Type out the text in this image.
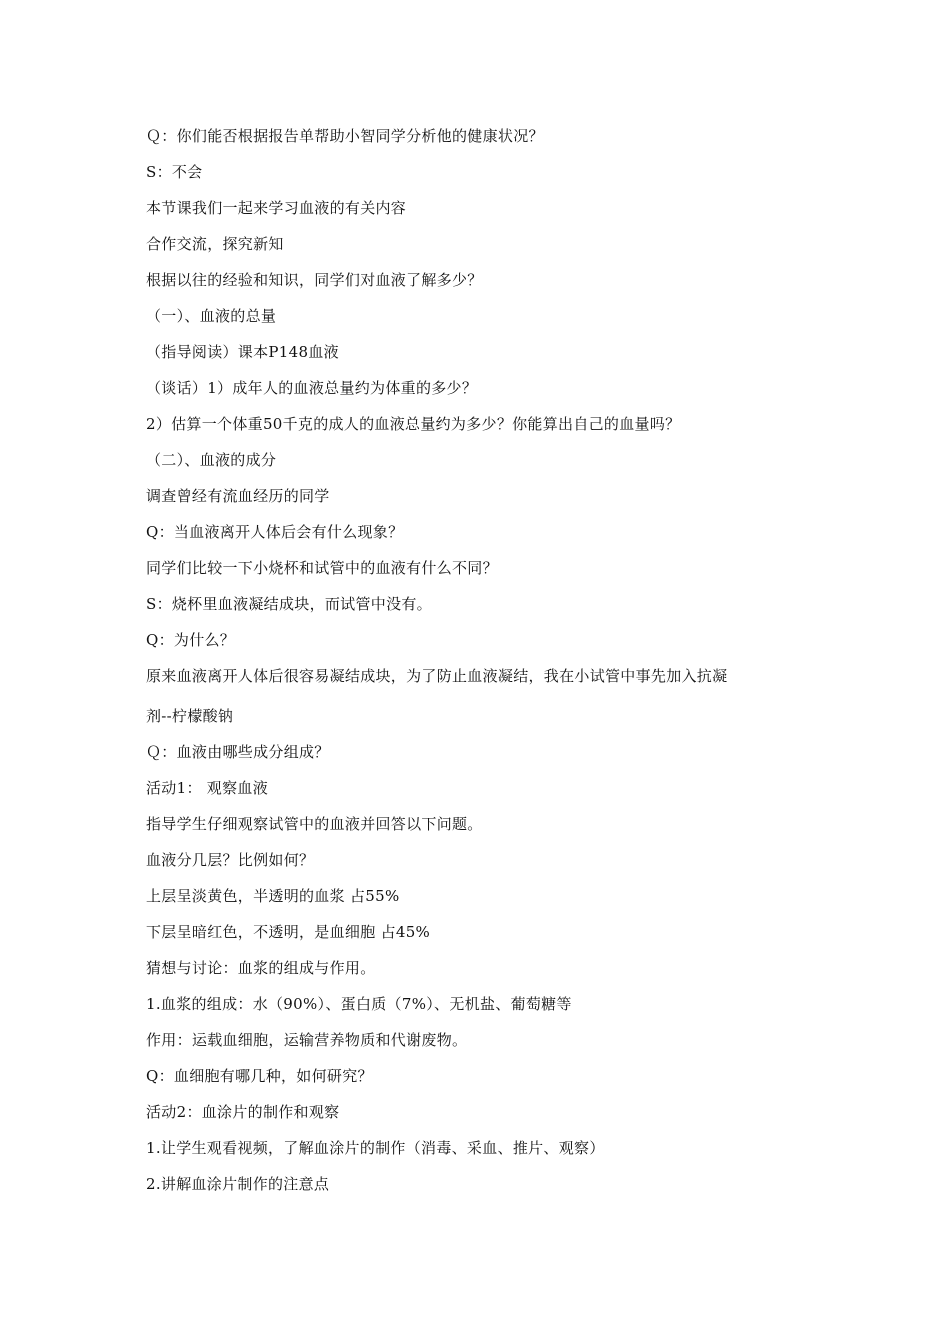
Ｑ：你们能否根据报告单帮助小智同学分析他的健康状况？
S：不会
本节课我们一起来学习血液的有关内容
合作交流，探究新知
根据以往的经验和知识，同学们对血液了解多少？
（一）、血液的总量
（指导阅读）课本P148血液
（谈话）1）成年人的血液总量约为体重的多少？
2）估算一个体重50千克的成人的血液总量约为多少？你能算出自己的血量吗？
（二）、血液的成分
调查曾经有流血经历的同学
Q：当血液离开人体后会有什么现象？
同学们比较一下小烧杯和试管中的血液有什么不同？
S：烧杯里血液凝结成块，而试管中没有。
Q：为什么？
原来血液离开人体后很容易凝结成块，为了防止血液凝结，我在小试管中事先加入抗凝
剂--柠檬酸钠
Ｑ：血液由哪些成分组成？
活动1： 观察血液
指导学生仔细观察试管中的血液并回答以下问题。
血液分几层？比例如何？
上层呈淡黄色，半透明的血浆 占55%
下层呈暗红色，不透明，是血细胞 占45%
猜想与讨论：血浆的组成与作用。
1.血浆的组成：水（90%）、蛋白质（7%）、无机盐、葡萄糖等
作用：运载血细胞，运输营养物质和代谢废物。
Q：血细胞有哪几种，如何研究？
活动2：血涂片的制作和观察
1.让学生观看视频，了解血涂片的制作（消毒、采血、推片、观察）
2.讲解血涂片制作的注意点
